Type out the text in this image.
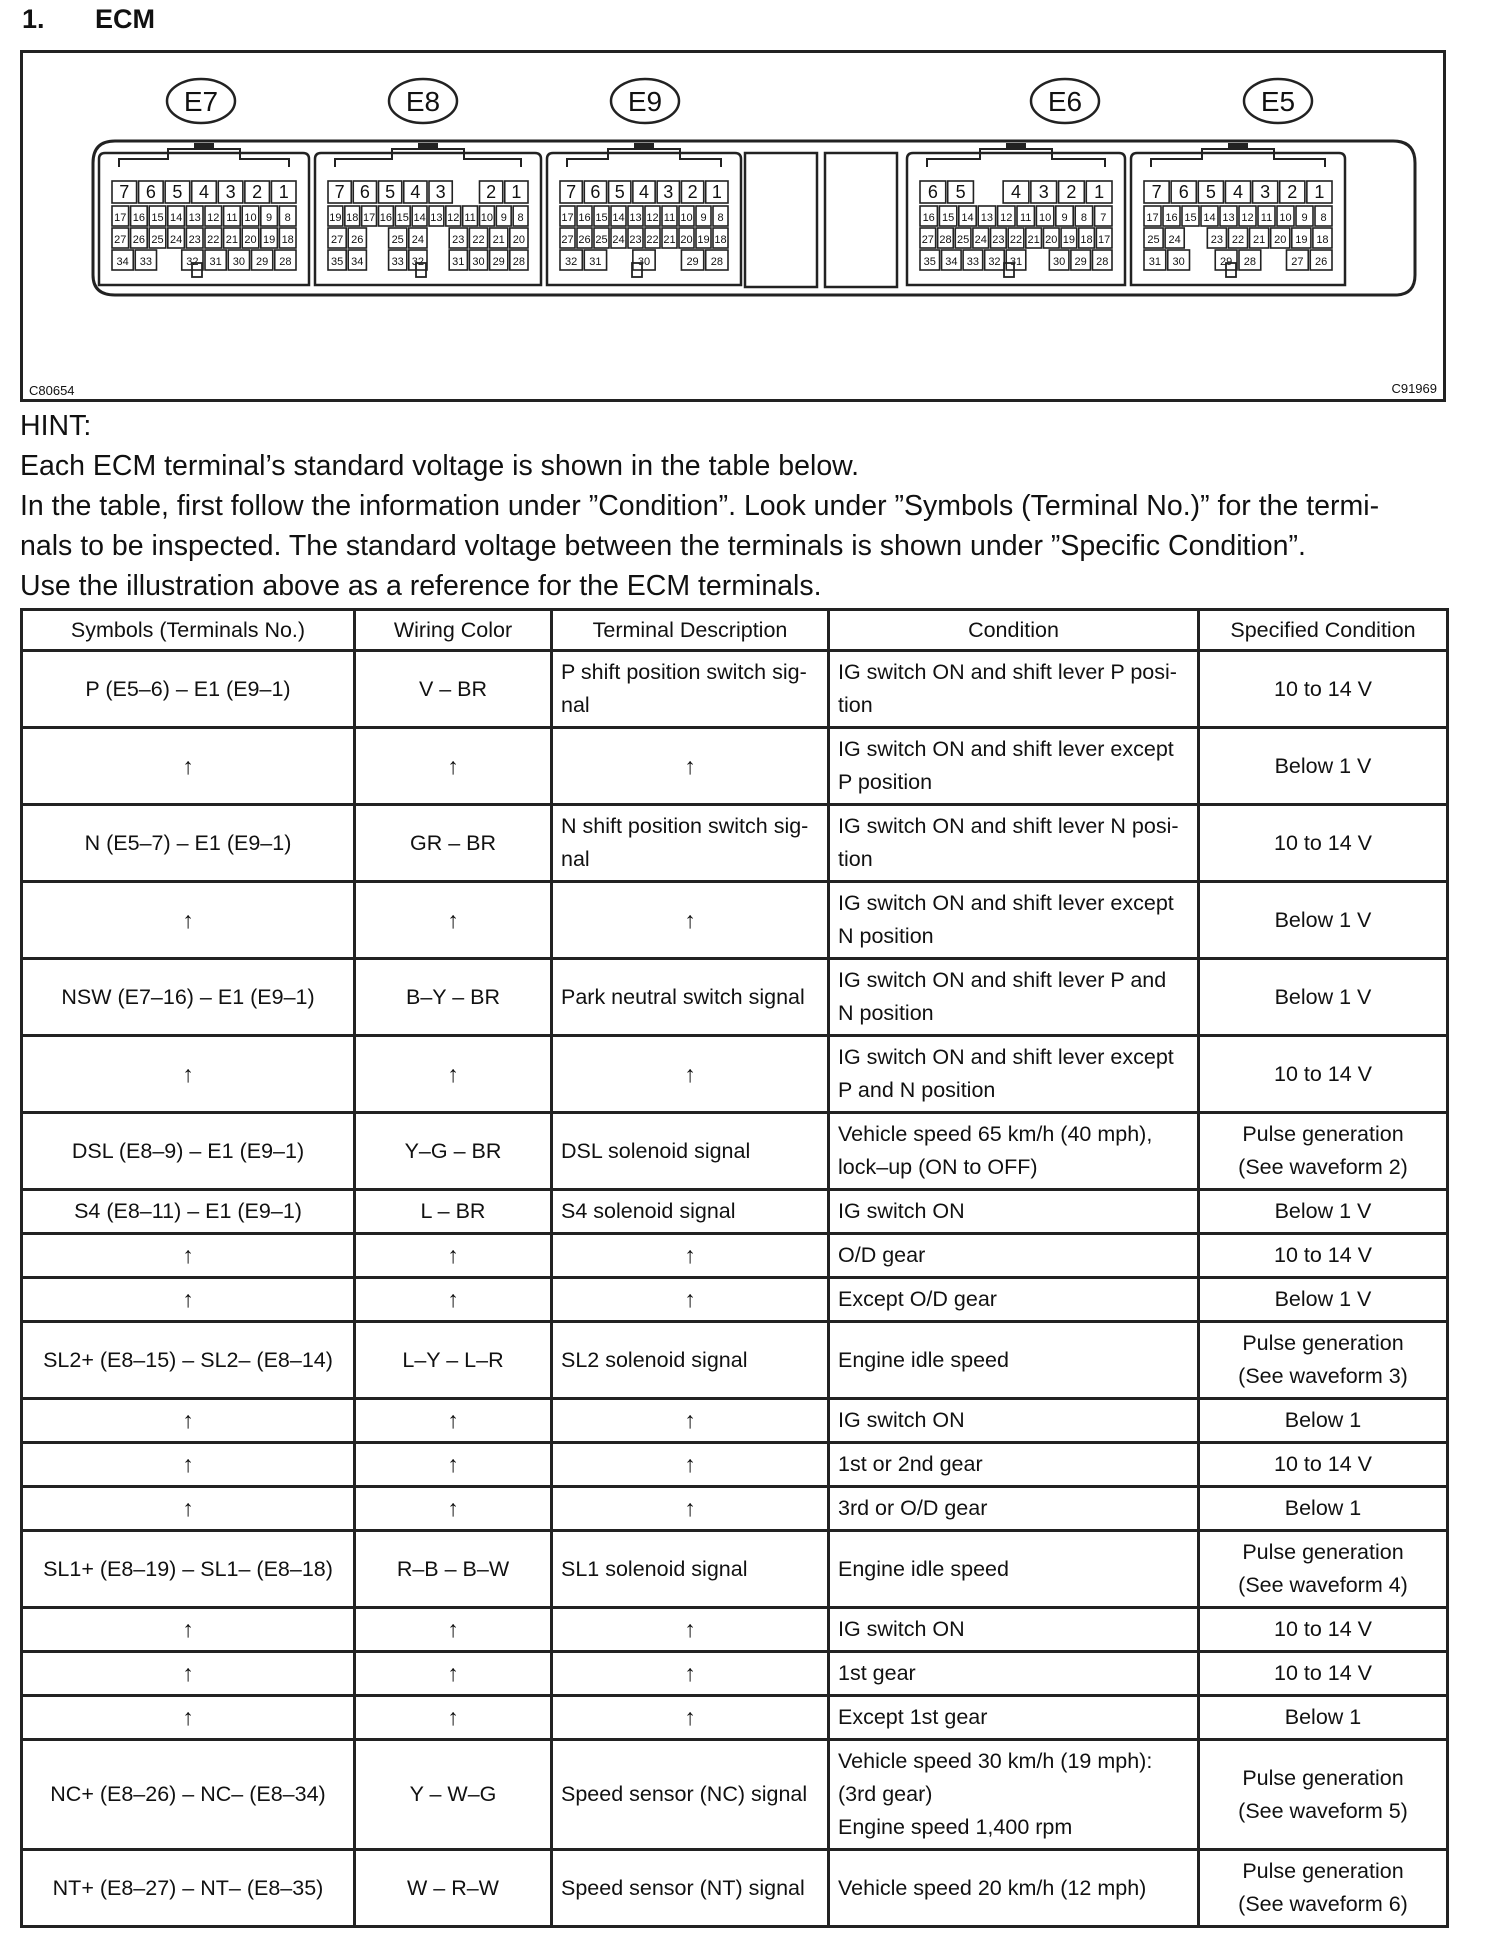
1. ECM
E7
7 6 5 4 3 2 1
17 16 15 14 13 12 11 10 9 8
27 26 25 24 23 22 21 20 19 18
34 33	32 31 30 29 28
E8
7 6 5 4 3 2 1
19 18 17 16 15 14 13 12 11 10 9 8
27 26	25 24	23 22 21 20
35 34	33 32	31 30 29 28
E9
7 6 5 4 3 2 1
17 16 15 14 13 12 11 10 9 8
27 26 25 24 23 22 21 20 19 18
32 31	30	29 28
E6
6 5	4 3 2 1
16 15 14 13 12 11 10 9 8 7
27 28 25 24 23 22 21 20 19 18 17
35 34 33 32 31	30 29 28
E5
7 6 5 4 3 2 1
17 16 15 14 13 12 11 10 9 8
25 24	23 22 21 20 19 18
31 30	29 28	27 26
C80654	C91969

HINT:

Each ECM terminal’s standard voltage is shown in the table below.

In the table, first follow the information under ”Condition”. Look under ”Symbols (Terminal No.)” for the termi-

nals to be inspected. The standard voltage between the terminals is shown under ”Specific Condition”.

Use the illustration above as a reference for the ECM terminals.

Symbols (Terminals No.)	Wiring Color	Terminal Description	Condition	Specified Condition
P (E5–6) – E1 (E9–1)	V – BR	P shift position switch sig-
nal	IG switch ON and shift lever P posi-
tion	10 to 14 V
↑	↑	↑	IG switch ON and shift lever except
P position	Below 1 V
N (E5–7) – E1 (E9–1)	GR – BR	N shift position switch sig-
nal	IG switch ON and shift lever N posi-
tion	10 to 14 V
↑	↑	↑	IG switch ON and shift lever except
N position	Below 1 V
NSW (E7–16) – E1 (E9–1)	B–Y – BR	Park neutral switch signal	IG switch ON and shift lever P and
N position	Below 1 V
↑	↑	↑	IG switch ON and shift lever except
P and N position	10 to 14 V
DSL (E8–9) – E1 (E9–1)	Y–G – BR	DSL solenoid signal	Vehicle speed 65 km/h (40 mph),
lock–up (ON to OFF)	Pulse generation
(See waveform 2)
S4 (E8–11) – E1 (E9–1)	L – BR	S4 solenoid signal	IG switch ON	Below 1 V
↑	↑	↑	O/D gear	10 to 14 V
↑	↑	↑	Except O/D gear	Below 1 V
SL2+ (E8–15) – SL2– (E8–14)	L–Y – L–R	SL2 solenoid signal	Engine idle speed	Pulse generation
(See waveform 3)
↑	↑	↑	IG switch ON	Below 1
↑	↑	↑	1st or 2nd gear	10 to 14 V
↑	↑	↑	3rd or O/D gear	Below 1
SL1+ (E8–19) – SL1– (E8–18)	R–B – B–W	SL1 solenoid signal	Engine idle speed	Pulse generation
(See waveform 4)
↑	↑	↑	IG switch ON	10 to 14 V
↑	↑	↑	1st gear	10 to 14 V
↑	↑	↑	Except 1st gear	Below 1
NC+ (E8–26) – NC– (E8–34)	Y – W–G	Speed sensor (NC) signal	Vehicle speed 30 km/h (19 mph):
(3rd gear)
Engine speed 1,400 rpm	Pulse generation
(See waveform 5)
NT+ (E8–27) – NT– (E8–35)	W – R–W	Speed sensor (NT) signal	Vehicle speed 20 km/h (12 mph)	Pulse generation
(See waveform 6)
